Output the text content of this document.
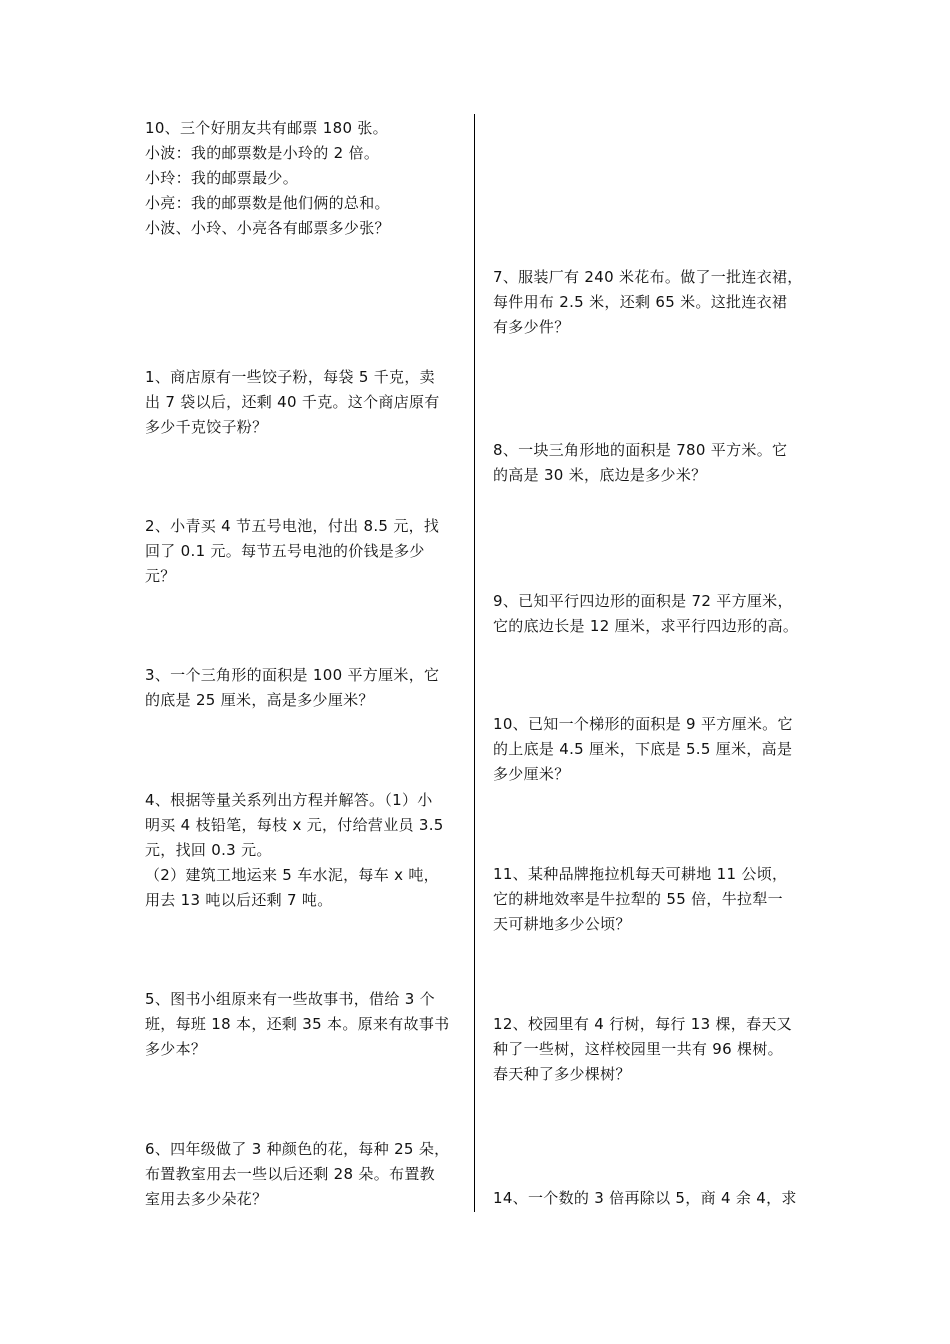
10、三个好朋友共有邮票 180 张。
小波：我的邮票数是小玲的 2 倍。
小玲：我的邮票最少。
小亮：我的邮票数是他们俩的总和。
小波、小玲、小亮各有邮票多少张？
1、商店原有一些饺子粉，每袋 5 千克，卖
出 7 袋以后，还剩 40 千克。这个商店原有
多少千克饺子粉？
2、小青买 4 节五号电池，付出 8.5 元，找
回了 0.1 元。每节五号电池的价钱是多少
元？
3、一个三角形的面积是 100 平方厘米，它
的底是 25 厘米，高是多少厘米？
4、根据等量关系列出方程并解答。（1）小
明买 4 枝铅笔，每枝 x 元，付给营业员 3.5
元，找回 0.3 元。
（2）建筑工地运来 5 车水泥，每车 x 吨，
用去 13 吨以后还剩 7 吨。
5、图书小组原来有一些故事书，借给 3 个
班，每班 18 本，还剩 35 本。原来有故事书
多少本？
6、四年级做了 3 种颜色的花，每种 25 朵，
布置教室用去一些以后还剩 28 朵。布置教
室用去多少朵花？
7、服装厂有 240 米花布。做了一批连衣裙，
每件用布 2.5 米，还剩 65 米。这批连衣裙
有多少件？
8、一块三角形地的面积是 780 平方米。它
的高是 30 米，底边是多少米？
9、已知平行四边形的面积是 72 平方厘米，
它的底边长是 12 厘米，求平行四边形的高。
10、已知一个梯形的面积是 9 平方厘米。它
的上底是 4.5 厘米，下底是 5.5 厘米，高是
多少厘米？
11、某种品牌拖拉机每天可耕地 11 公顷，
它的耕地效率是牛拉犁的 55 倍，牛拉犁一
天可耕地多少公顷？
12、校园里有 4 行树，每行 13 棵，春天又
种了一些树，这样校园里一共有 96 棵树。
春天种了多少棵树？
14、一个数的 3 倍再除以 5，商 4 余 4，求
